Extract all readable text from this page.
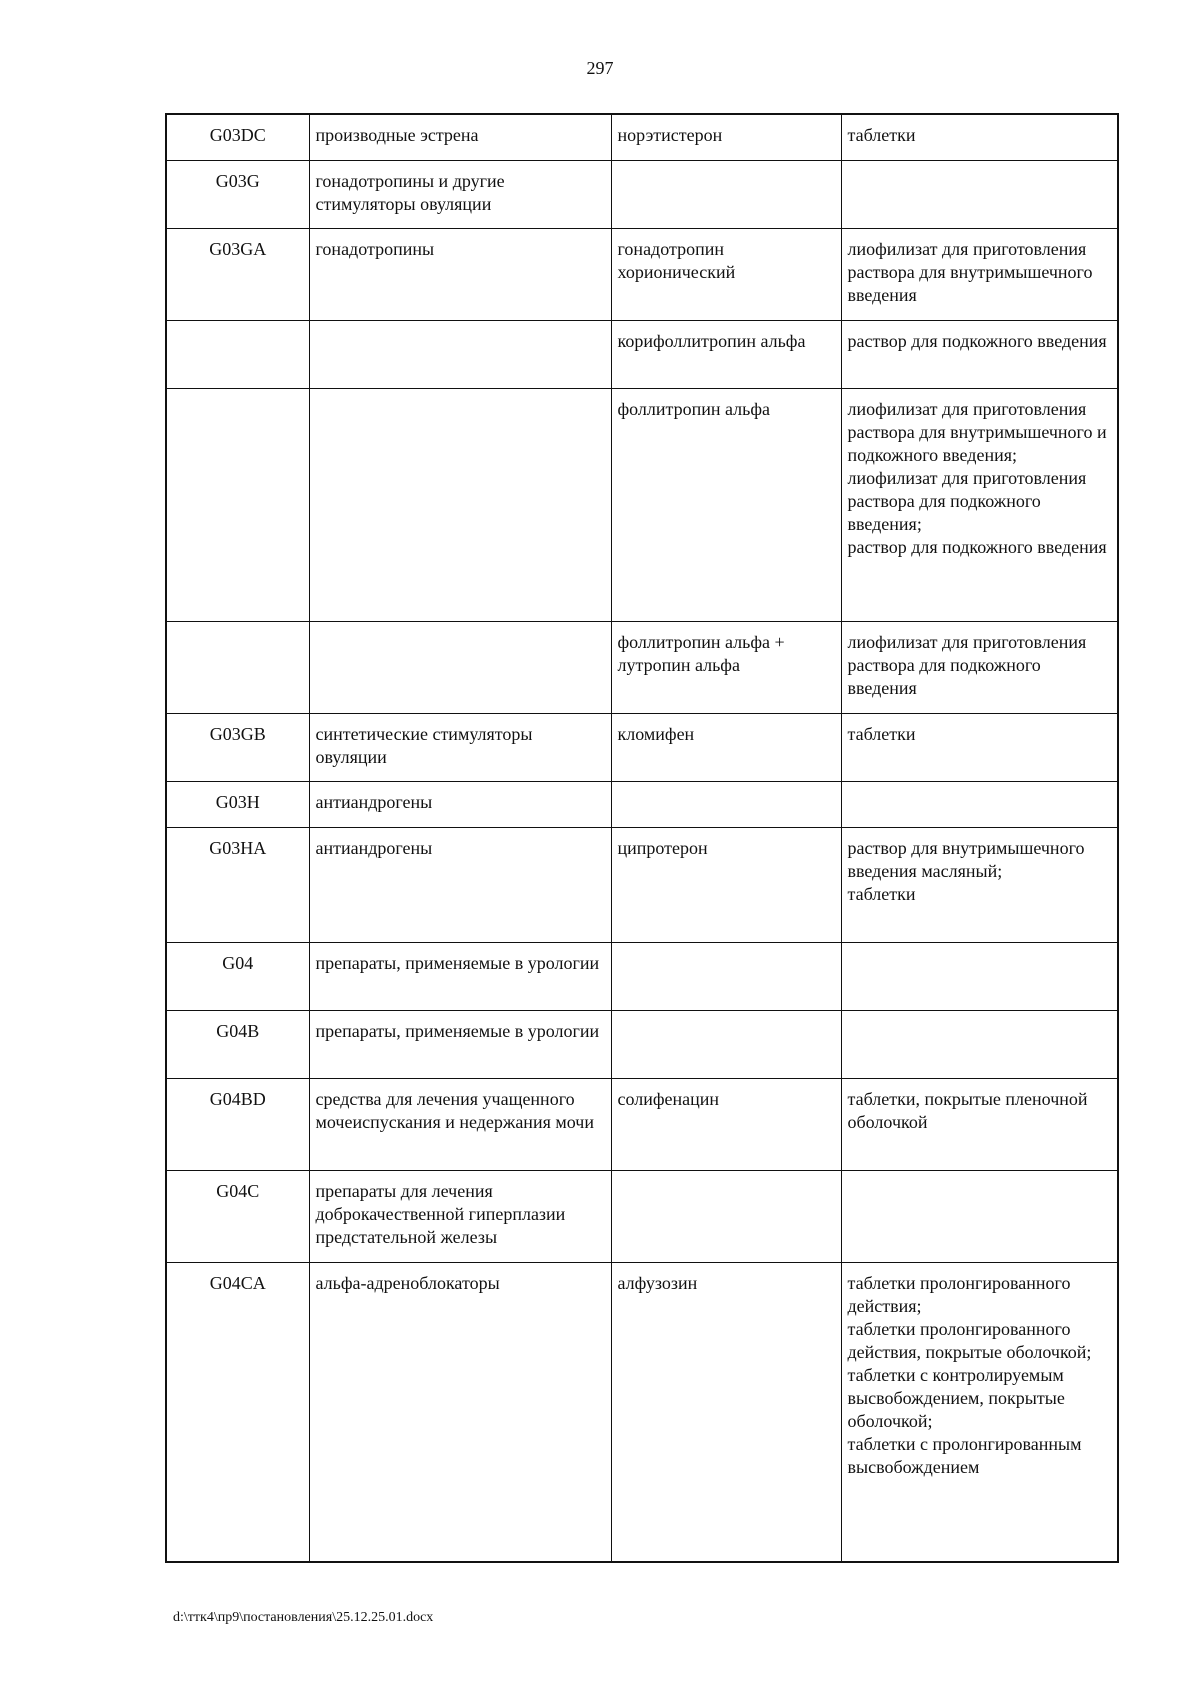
297
G03DC	производные эстрена	норэтистерон	таблетки
G03G	гонадотропины и другие стимуляторы овуляции		
G03GA	гонадотропины	гонадотропин хорионический	лиофилизат для приготовления раствора для внутримышечного введения
		корифоллитропин альфа	раствор для подкожного введения
		фоллитропин альфа	лиофилизат для приготовления раствора для внутримышечного и подкожного введения;
лиофилизат для приготовления раствора для подкожного введения;
раствор для подкожного введения
		фоллитропин альфа + лутропин альфа	лиофилизат для приготовления раствора для подкожного введения
G03GB	синтетические стимуляторы овуляции	кломифен	таблетки
G03H	антиандрогены		
G03HA	антиандрогены	ципротерон	раствор для внутримышечного введения масляный;
таблетки
G04	препараты, применяемые в урологии		
G04B	препараты, применяемые в урологии		
G04BD	средства для лечения учащенного мочеиспускания и недержания мочи	солифенацин	таблетки, покрытые пленочной оболочкой
G04C	препараты для лечения доброкачественной гиперплазии предстательной железы		
G04CA	альфа-адреноблокаторы	алфузозин	таблетки пролонгированного действия;
таблетки пролонгированного действия, покрытые оболочкой;
таблетки с контролируемым высвобождением, покрытые оболочкой;
таблетки с пролонгированным высвобождением
d:\ттк4\пр9\постановления\25.12.25.01.docx
